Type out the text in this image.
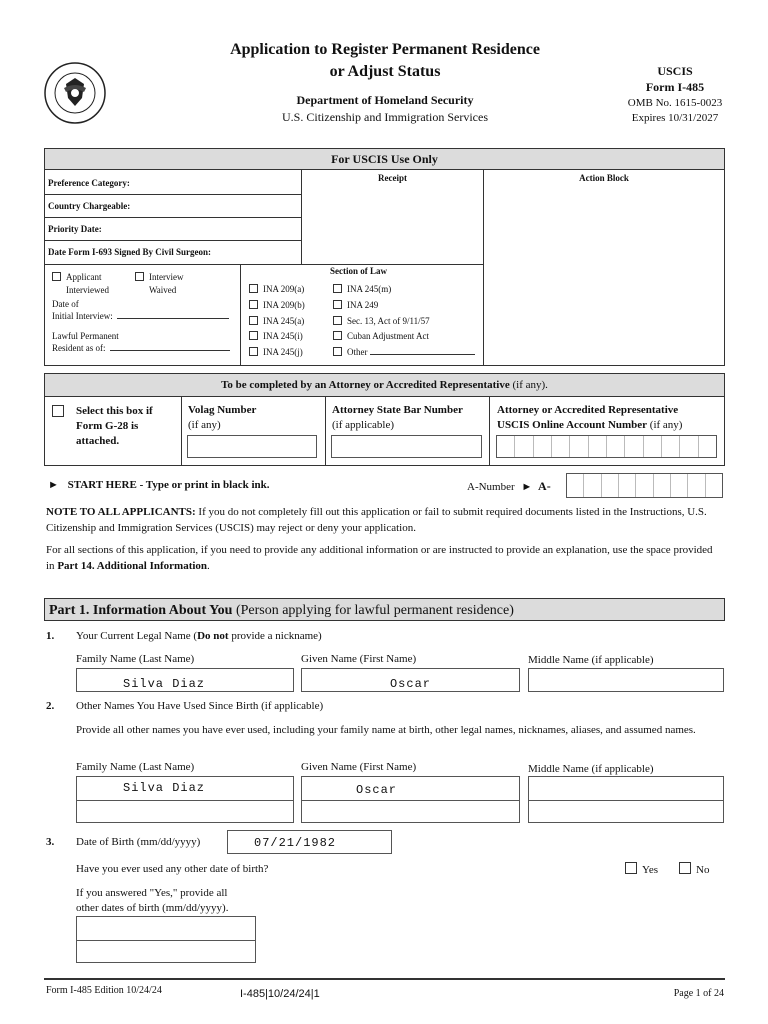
Application to Register Permanent Residence
or Adjust Status
Department of Homeland Security
U.S. Citizenship and Immigration Services
USCIS
Form I-485
OMB No. 1615-0023
Expires 10/31/2027
For USCIS Use Only
Receipt	Action Block
Preference Category:
Country Chargeable:
Priority Date:
Date Form I-693 Signed By Civil Surgeon:
Applicant
Interviewed
Interview
Waived
Date of
Initial Interview:
Lawful Permanent
Resident as of:
Section of Law
INA 209(a)
INA 209(b)
INA 245(a)
INA 245(i)
INA 245(j)
INA 245(m)
INA 249
Sec. 13, Act of 9/11/57
Cuban Adjustment Act
Other
To be completed by an Attorney or Accredited Representative (if any).
Select this box if
Form G-28 is
attached.
Volag Number
(if any)
Attorney State Bar Number
(if applicable)
Attorney or Accredited Representative
USCIS Online Account Number (if any)
► START HERE - Type or print in black ink.	A-Number ► A-
NOTE TO ALL APPLICANTS: If you do not completely fill out this application or fail to submit required documents listed in the Instructions, U.S. Citizenship and Immigration Services (USCIS) may reject or deny your application.
For all sections of this application, if you need to provide any additional information or are instructed to provide an explanation, use the space provided in Part 14. Additional Information.
Part 1. Information About You (Person applying for lawful permanent residence)
1. Your Current Legal Name (Do not provide a nickname)
Family Name (Last Name)	Given Name (First Name)	Middle Name (if applicable)
Silva Diaz	Oscar
2. Other Names You Have Used Since Birth (if applicable)
Provide all other names you have ever used, including your family name at birth, other legal names, nicknames, aliases, and assumed names.
Family Name (Last Name)	Given Name (First Name)	Middle Name (if applicable)
Silva Diaz	Oscar
3. Date of Birth (mm/dd/yyyy)	07/21/1982
Have you ever used any other date of birth?	Yes	No
If you answered "Yes," provide all
other dates of birth (mm/dd/yyyy).
Form I-485 Edition 10/24/24	I-485|10/24/24|1	Page 1 of 24
